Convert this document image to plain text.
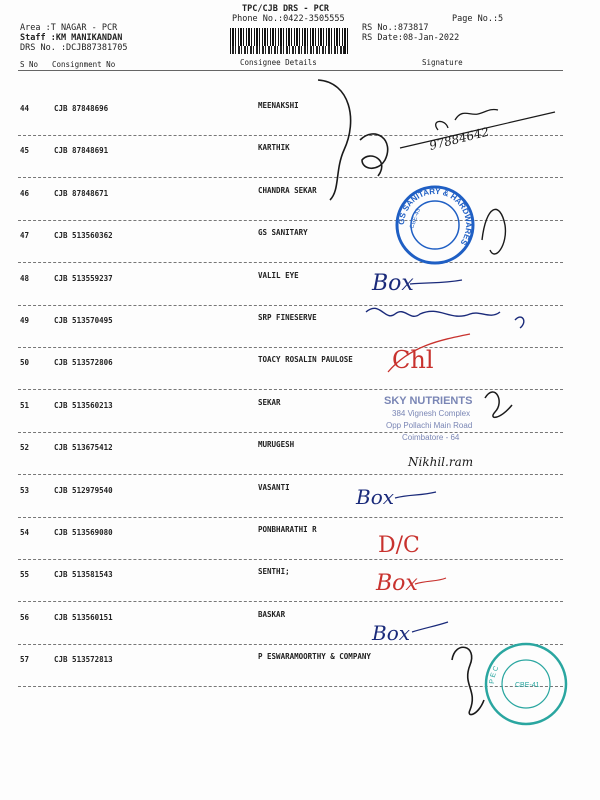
TPC/CJB DRS - PCR
Phone No.:0422-3505555	Page No.:5
Area :T NAGAR - PCR
Staff :KM MANIKANDAN
DRS No. :DCJB87381705
RS No.:873817
RS Date:08-Jan-2022
S No Consignment No	Consignee Details	Signature
44	CJB 87848696	MEENAKSHI
45	CJB 87848691	KARTHIK
46	CJB 87848671	CHANDRA SEKAR
47	CJB 513560362	GS SANITARY
48	CJB 513559237	VALIL EYE
49	CJB 513570495	SRP FINESERVE
50	CJB 513572806	TOACY ROSALIN PAULOSE
51	CJB 513560213	SEKAR
52	CJB 513675412	MURUGESH
53	CJB 512979540	VASANTI
54	CJB 513569080	PONBHARATHI R
55	CJB 513581543	SENTHI;
56	CJB 513560151	BASKAR
57	CJB 513572813	P ESWARAMOORTHY & COMPANY
97884642
GS SANITARY & HARDWARES
CBE-43
Box
Chl
SKY NUTRIENTS
384 Vignesh Complex
Opp Pollachi Main Road
Coimbatore - 64
Nikhil.ram
Box
D/C
Box
Box
PEC
CBE-41
